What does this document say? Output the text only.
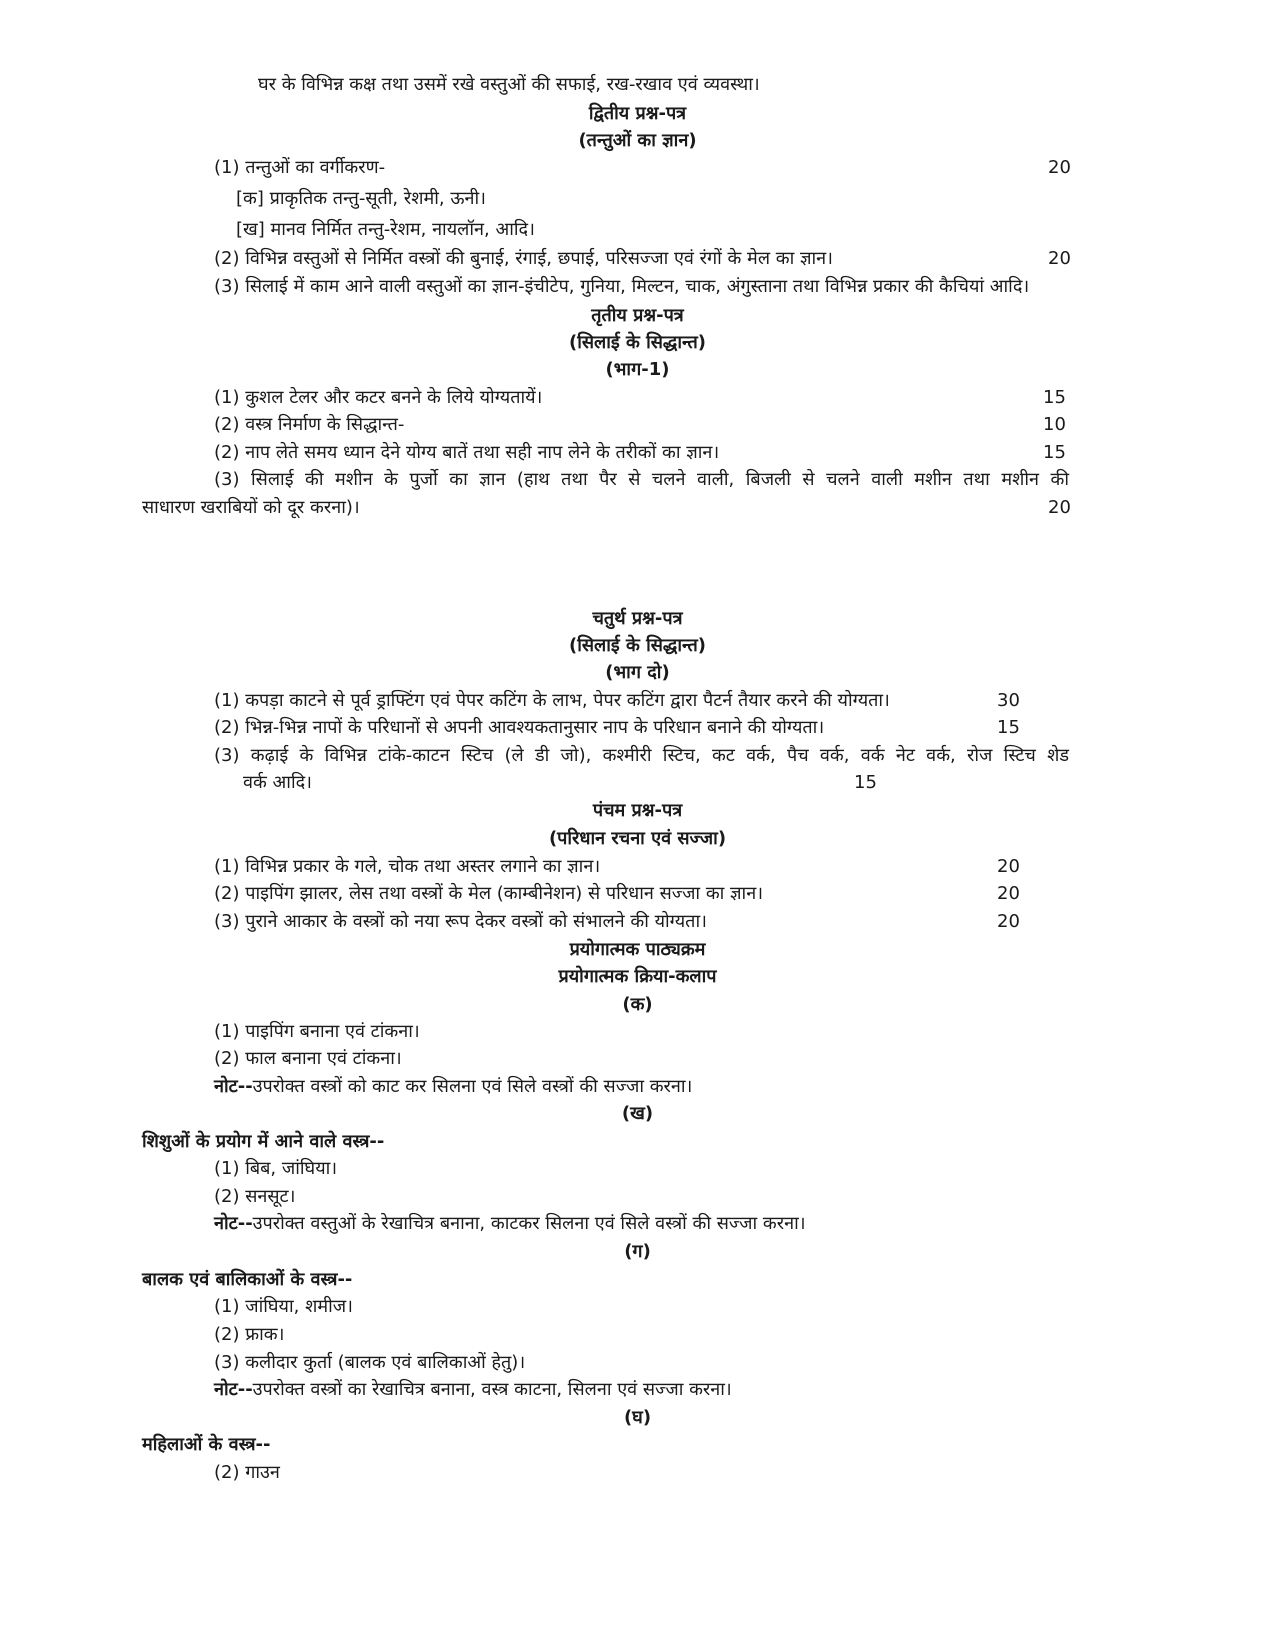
घर के विभिन्न कक्ष तथा उसमें रखे वस्तुओं की सफाई, रख-रखाव एवं व्यवस्था।
द्वितीय प्रश्न-पत्र
(तन्तुओं का ज्ञान)
(1) तन्तुओं का वर्गीकरण-	20
[क] प्राकृतिक तन्तु-सूती, रेशमी, ऊनी।
[ख] मानव निर्मित तन्तु-रेशम, नायलॉन, आदि।
(2) विभिन्न वस्तुओं से निर्मित वस्त्रों की बुनाई, रंगाई, छपाई, परिसज्जा एवं रंगों के मेल का ज्ञान।	20
(3) सिलाई में काम आने वाली वस्तुओं का ज्ञान-इंचीटेप, गुनिया, मिल्टन, चाक, अंगुस्ताना तथा विभिन्न प्रकार की कैचियां आदि।
तृतीय प्रश्न-पत्र
(सिलाई के सिद्धान्त)
(भाग-1)
(1) कुशल टेलर और कटर बनने के लिये योग्यतायें।	15
(2) वस्त्र निर्माण के सिद्धान्त-	10
(2) नाप लेते समय ध्यान देने योग्य बातें तथा सही नाप लेने के तरीकों का ज्ञान।	15
(3) सिलाई की मशीन के पुर्जो का ज्ञान (हाथ तथा पैर से चलने वाली, बिजली से चलने वाली मशीन तथा मशीन की
साधारण खराबियों को दूर करना)।	20
चतुर्थ प्रश्न-पत्र
(सिलाई के सिद्धान्त)
(भाग दो)
(1) कपड़ा काटने से पूर्व ड्राफ्टिंग एवं पेपर कटिंग के लाभ, पेपर कटिंग द्वारा पैटर्न तैयार करने की योग्यता।	30
(2) भिन्न-भिन्न नापों के परिधानों से अपनी आवश्यकतानुसार नाप के परिधान बनाने की योग्यता।	15
(3) कढ़ाई के विभिन्न टांके-काटन स्टिच (ले डी जो), कश्मीरी स्टिच, कट वर्क, पैच वर्क, वर्क नेट वर्क, रोज स्टिच शेड
वर्क आदि।	15
पंचम प्रश्न-पत्र
(परिधान रचना एवं सज्जा)
(1) विभिन्न प्रकार के गले, चोक तथा अस्तर लगाने का ज्ञान।	20
(2) पाइपिंग झालर, लेस तथा वस्त्रों के मेल (काम्बीनेशन) से परिधान सज्जा का ज्ञान।	20
(3) पुराने आकार के वस्त्रों को नया रूप देकर वस्त्रों को संभालने की योग्यता।	20
प्रयोगात्मक पाठ्यक्रम
प्रयोगात्मक क्रिया-कलाप
(क)
(1) पाइपिंग बनाना एवं टांकना।
(2) फाल बनाना एवं टांकना।
नोट--उपरोक्त वस्त्रों को काट कर सिलना एवं सिले वस्त्रों की सज्जा करना।
(ख)
शिशुओं के प्रयोग में आने वाले वस्त्र--
(1) बिब, जांघिया।
(2) सनसूट।
नोट--उपरोक्त वस्तुओं के रेखाचित्र बनाना, काटकर सिलना एवं सिले वस्त्रों की सज्जा करना।
(ग)
बालक एवं बालिकाओं के वस्त्र--
(1) जांघिया, शमीज।
(2) फ्राक।
(3) कलीदार कुर्ता (बालक एवं बालिकाओं हेतु)।
नोट--उपरोक्त वस्त्रों का रेखाचित्र बनाना, वस्त्र काटना, सिलना एवं सज्जा करना।
(घ)
महिलाओं के वस्त्र--
(2) गाउन
